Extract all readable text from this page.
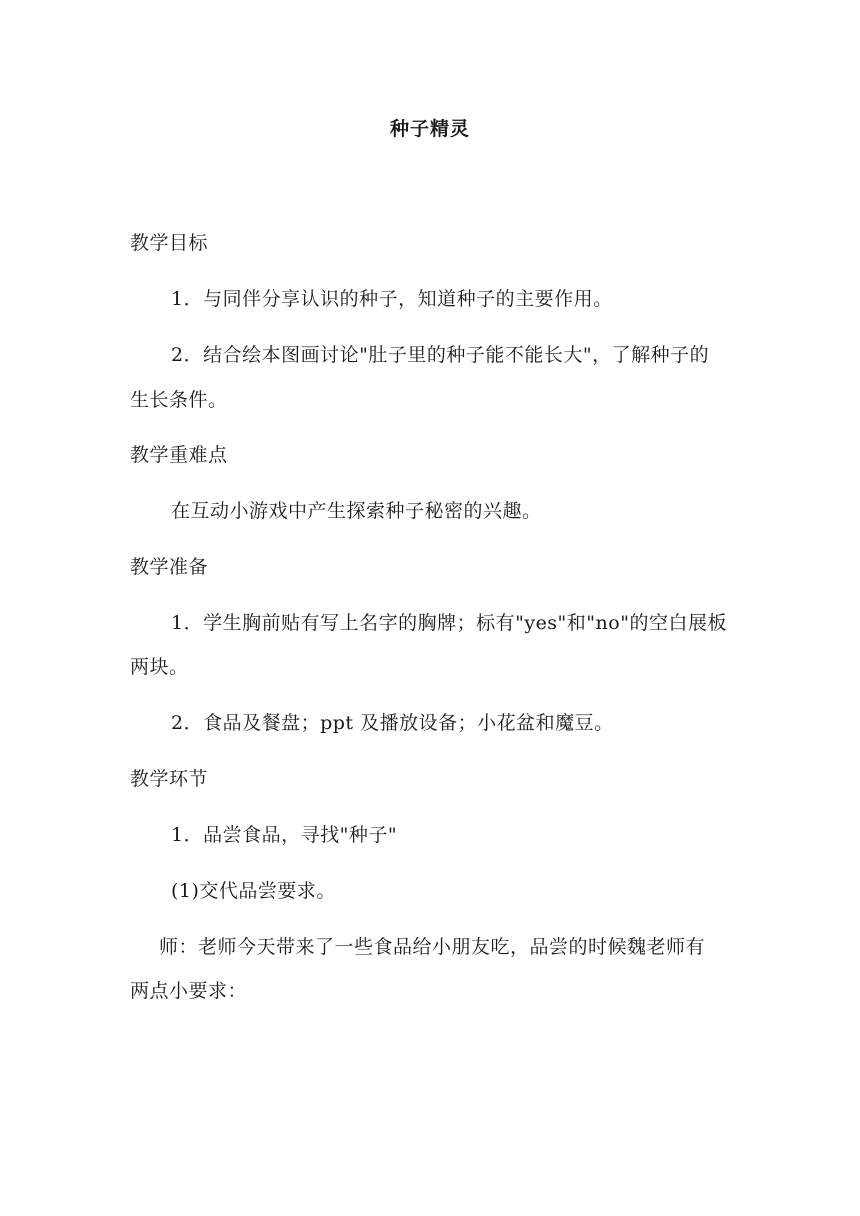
种子精灵
教学目标
1．与同伴分享认识的种子，知道种子的主要作用。
2．结合绘本图画讨论"肚子里的种子能不能长大"，了解种子的
生长条件。
教学重难点
在互动小游戏中产生探索种子秘密的兴趣。
教学准备
1．学生胸前贴有写上名字的胸牌；标有"yes"和"no"的空白展板
两块。
2．食品及餐盘；ppt 及播放设备；小花盆和魔豆。
教学环节
1．品尝食品，寻找"种子"
(1)交代品尝要求。
师：老师今天带来了一些食品给小朋友吃，品尝的时候魏老师有
两点小要求：
